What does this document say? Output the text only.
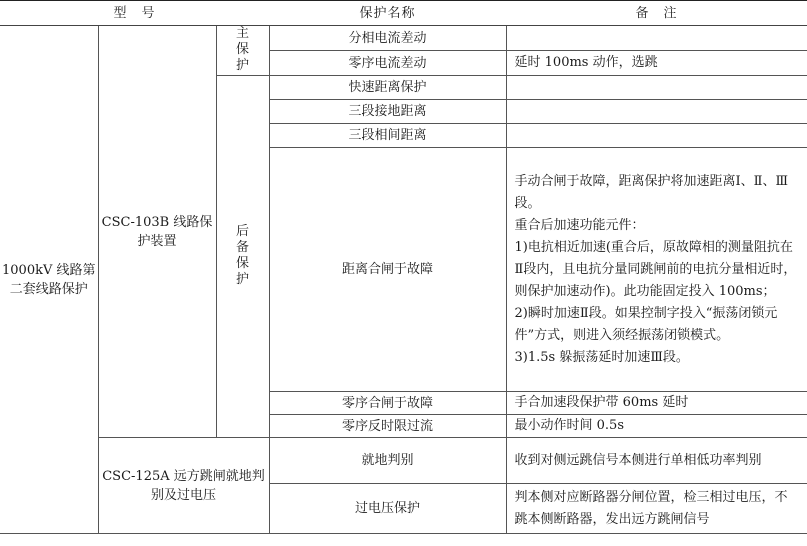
型　号			保护名称	备　注
1000kV 线路第二套线路保护	CSC-103B 线路保护装置	主保护	分相电流差动	
			零序电流差动	延时 100ms 动作，选跳
		后备保护	快速距离保护	
			三段接地距离	
			三段相间距离	
			距离合闸于故障	手动合闸于故障，距离保护将加速距离Ⅰ、Ⅱ、Ⅲ段。

重合后加速功能元件：

1)电抗相近加速(重合后，原故障相的测量阻抗在Ⅱ段内，且电抗分量同跳闸前的电抗分量相近时，则保护加速动作)。此功能固定投入 100ms；

2)瞬时加速Ⅱ段。如果控制字投入“振荡闭锁元件”方式，则进入须经振荡闭锁模式。

3)1.5s 躲振荡延时加速Ⅲ段。

			零序合闸于故障	手合加速段保护带 60ms 延时
			零序反时限过流	最小动作时间 0.5s
	CSC-125A 远方跳闸就地判别及过电压		就地判别	收到对侧远跳信号本侧进行单相低功率判别
			过电压保护	判本侧对应断路器分闸位置，检三相过电压，不跳本侧断路器，发出远方跳闸信号
